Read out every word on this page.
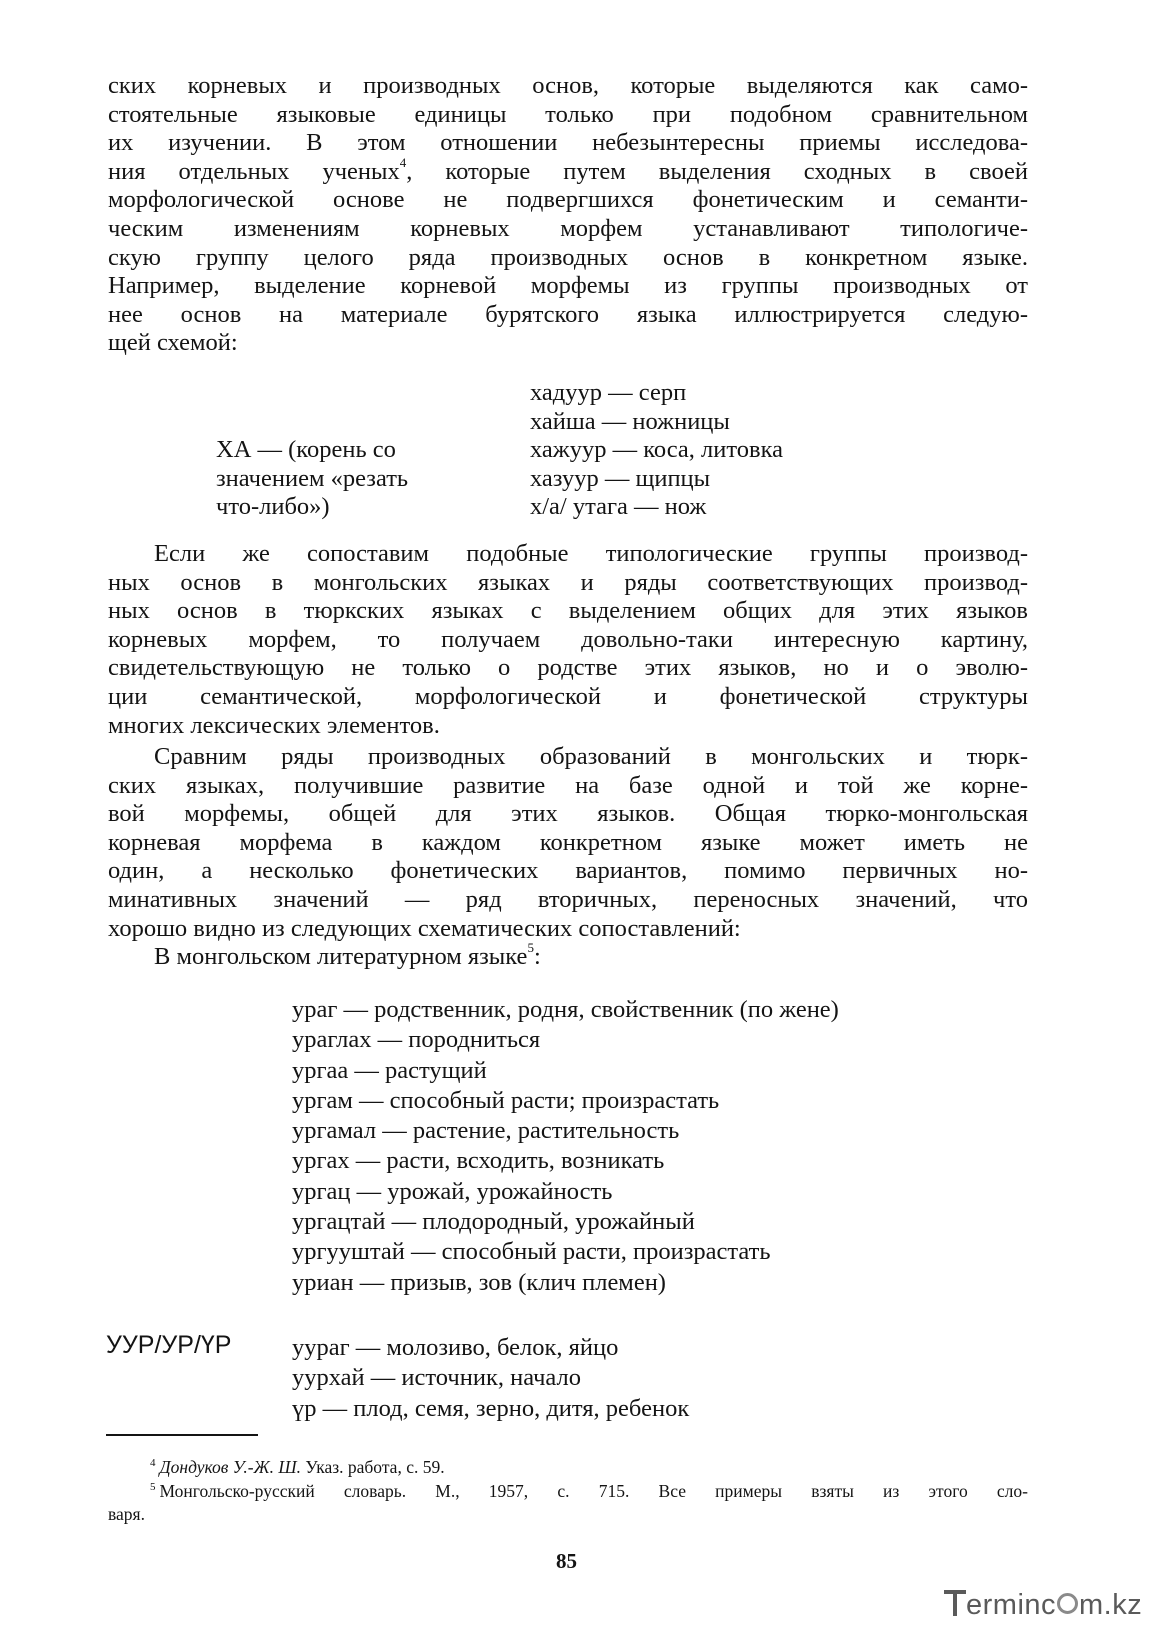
ских корневых и производных основ, которые выделяются как само-
стоятельные языковые единицы только при подобном сравнительном
их изучении. В этом отношении небезынтересны приемы исследова-
ния отдельных ученых$^4$, которые путем выделения сходных в своей
морфологической основе не подвергшихся фонетическим и семанти-
ческим изменениям корневых морфем устанавливают типологиче-
скую группу целого ряда производных основ в конкретном языке.
Например, выделение корневой морфемы из группы производных от
нее основ на материале бурятского языка иллюстрируется следую-
щей схемой:
ХА — (корень со
значением «резать
что-либо»)
хадуур — серп
хайша — ножницы
хажуур — коса, литовка
хазуур — щипцы
х/а/ утага — нож
Если же сопоставим подобные типологические группы производ-
ных основ в монгольских языках и ряды соответствующих производ-
ных основ в тюркских языках с выделением общих для этих языков
корневых морфем, то получаем довольно-таки интересную картину,
свидетельствующую не только о родстве этих языков, но и о эволю-
ции семантической, морфологической и фонетической структуры
многих лексических элементов.
Сравним ряды производных образований в монгольских и тюрк-
ских языках, получившие развитие на базе одной и той же корне-
вой морфемы, общей для этих языков. Общая тюрко-монгольская
корневая морфема в каждом конкретном языке может иметь не
один, а несколько фонетических вариантов, помимо первичных но-
минативных значений — ряд вторичных, переносных значений, что
хорошо видно из следующих схематических сопоставлений:
В монгольском литературном языке$^5$:
ураг — родственник, родня, свойственник (по жене)
ураглах — породниться
ургаа — растущий
ургам — способный расти; произрастать
ургамал — растение, растительность
ургах — расти, всходить, возникать
ургац — урожай, урожайность
ургацтай — плодородный, урожайный
ургууштай — способный расти, произрастать
уриан — призыв, зов (клич племен)
УУР/УР/ҮР уураг — молозиво, белок, яйцо
уурхай — источник, начало
үр — плод, семя, зерно, дитя, ребенок
$^4$ Дондуков У.-Ж. Ш. Указ. работа, с. 59.
$^5$ Монгольско-русский словарь. М., 1957, с. 715. Все примеры взяты из этого сло-
варя.
85
erminc m.kz
